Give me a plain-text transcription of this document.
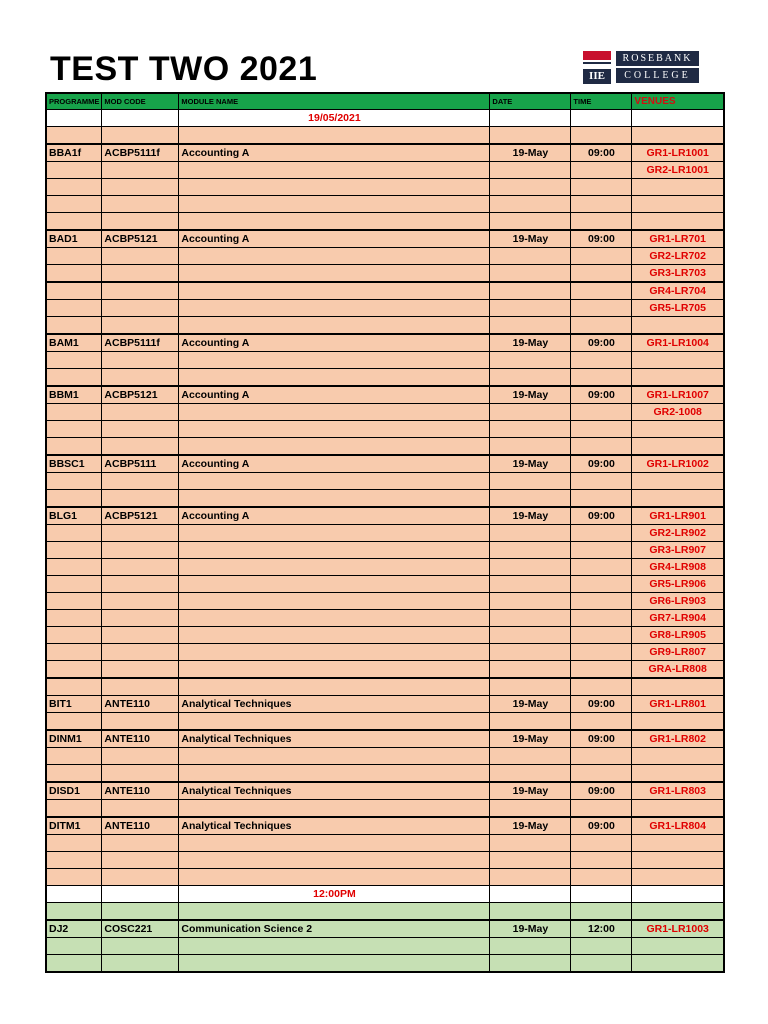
TEST TWO 2021	IIE
ROSEBANK
COLLEGE
PROGRAMME	MOD CODE	MODULE NAME	DATE	TIME	VENUES
		19/05/2021			

BBA1f	ACBP5111f	Accounting A	19-May	09:00	GR1-LR1001
					GR2-LR1001

BAD1	ACBP5121	Accounting A	19-May	09:00	GR1-LR701
					GR2-LR702
					GR3-LR703
					GR4-LR704
					GR5-LR705

BAM1	ACBP5111f	Accounting A	19-May	09:00	GR1-LR1004

BBM1	ACBP5121	Accounting A	19-May	09:00	GR1-LR1007
					GR2-1008

BBSC1	ACBP5111	Accounting A	19-May	09:00	GR1-LR1002

BLG1	ACBP5121	Accounting A	19-May	09:00	GR1-LR901
					GR2-LR902
					GR3-LR907
					GR4-LR908
					GR5-LR906
					GR6-LR903
					GR7-LR904
					GR8-LR905
					GR9-LR807
					GRA-LR808

BIT1	ANTE110	Analytical Techniques	19-May	09:00	GR1-LR801

DINM1	ANTE110	Analytical Techniques	19-May	09:00	GR1-LR802

DISD1	ANTE110	Analytical Techniques	19-May	09:00	GR1-LR803

DITM1	ANTE110	Analytical Techniques	19-May	09:00	GR1-LR804

		12:00PM			

DJ2	COSC221	Communication Science 2	19-May	12:00	GR1-LR1003
